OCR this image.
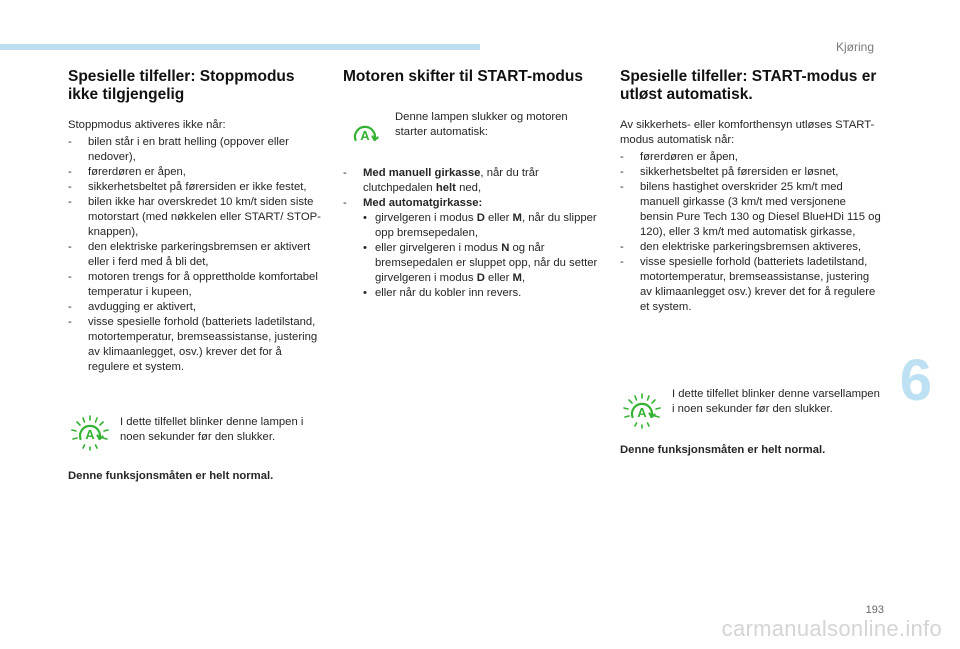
Kjøring
6
Spesielle tilfeller: Stoppmodus ikke tilgjengelig

Stoppmodus aktiveres ikke når:

- bilen står i en bratt helling (oppover eller nedover),
- førerdøren er åpen,
- sikkerhetsbeltet på førersiden er ikke festet,
- bilen ikke har overskredet 10 km/t siden siste motorstart (med nøkkelen eller START/ STOP-knappen),
- den elektriske parkeringsbremsen er aktivert eller i ferd med å bli det,
- motoren trengs for å opprettholde komfortabel temperatur i kupeen,
- avdugging er aktivert,
- visse spesielle forhold (batteriets ladetilstand, motortemperatur, bremseassistanse, justering av klimaanlegget, osv.) krever det for å regulere et system.
A
I dette tilfellet blinker denne lampen i noen sekunder før den slukker.

Denne funksjonsmåten er helt normal.

Motoren skifter til START-modus
A
Denne lampen slukker og motoren starter automatisk:
- Med manuell girkasse, når du trår clutchpedalen helt ned,
- Med automatgirkasse:
• girvelgeren i modus D eller M, når du slipper opp bremsepedalen,
• eller girvelgeren i modus N og når bremsepedalen er sluppet opp, når du setter girvelgeren i modus D eller M,
• eller når du kobler inn revers.
Spesielle tilfeller: START-modus er utløst automatisk.

Av sikkerhets- eller komforthensyn utløses START-modus automatisk når:

- førerdøren er åpen,
- sikkerhetsbeltet på førersiden er løsnet,
- bilens hastighet overskrider 25 km/t med manuell girkasse (3 km/t med versjonene bensin Pure Tech 130 og Diesel BlueHDi 115 og 120), eller 3 km/t med automatisk girkasse,
- den elektriske parkeringsbremsen aktiveres,
- visse spesielle forhold (batteriets ladetilstand, motortemperatur, bremseassistanse, justering av klimaanlegget osv.) krever det for å regulere et system.
A
I dette tilfellet blinker denne varsellampen i noen sekunder før den slukker.

Denne funksjonsmåten er helt normal.

193
carmanualsonline.info
